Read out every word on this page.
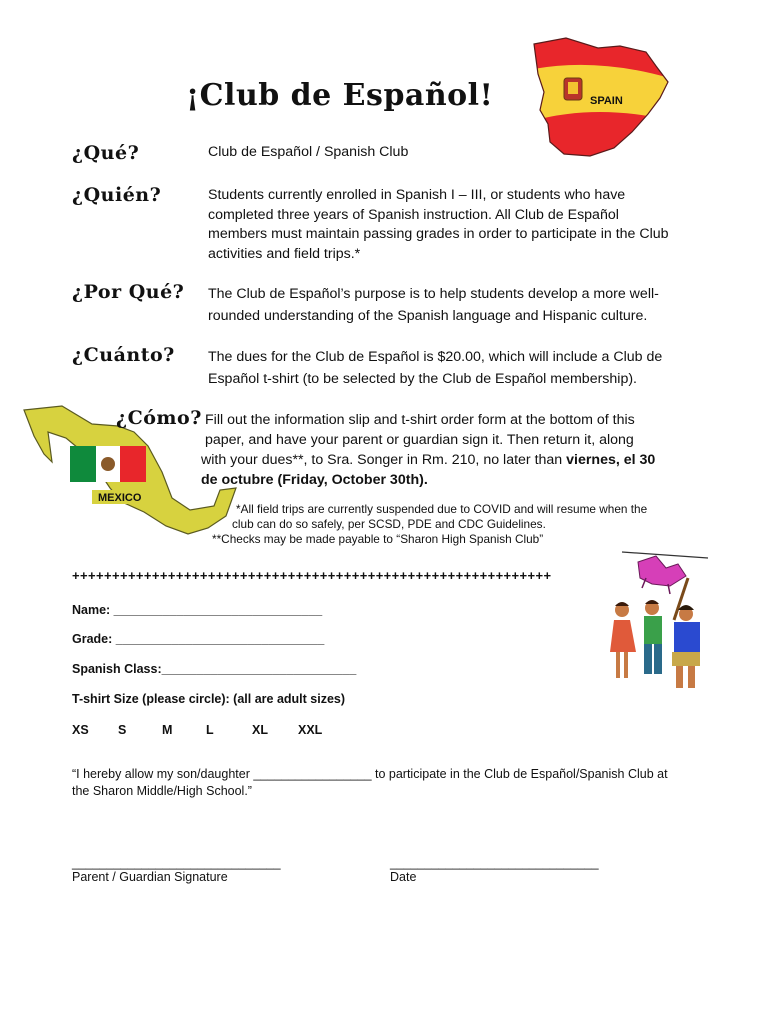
SPAIN
MEXICO
¡Club de Español!
¿Qué?	Club de Español / Spanish Club
¿Quién?	Students currently enrolled in Spanish I – III, or students who have completed three years of Spanish instruction. All Club de Español members must maintain passing grades in order to participate in the Club activities and field trips.*
¿Por Qué? The Club de Español’s purpose is to help students develop a more well-rounded understanding of the Spanish language and Hispanic culture.
¿Cuánto? The dues for the Club de Español is $20.00, which will include a Club de Español t-shirt (to be selected by the Club de Español membership).
¿Cómo? Fill out the information slip and t-shirt order form at the bottom of this
paper, and have your parent or guardian sign it. Then return it, along
with your dues**, to Sra. Songer in Rm. 210, no later than viernes, el 30
de octubre (Friday, October 30th).
*All field trips are currently suspended due to COVID and will resume when the
club can do so safely, per SCSD, PDE and CDC Guidelines.
**Checks may be made payable to “Sharon High Spanish Club”
++++++++++++++++++++++++++++++++++++++++++++++++++++++++++++
Name: ______________________________
Grade: ______________________________
Spanish Class:____________________________
T-shirt Size (please circle): (all are adult sizes)
XS S	M	L	XL XXL
“I hereby allow my son/daughter _________________ to participate in the Club de Español/Spanish Club at
the Sharon Middle/High School.”
______________________________
Parent / Guardian Signature
______________________________
Date
